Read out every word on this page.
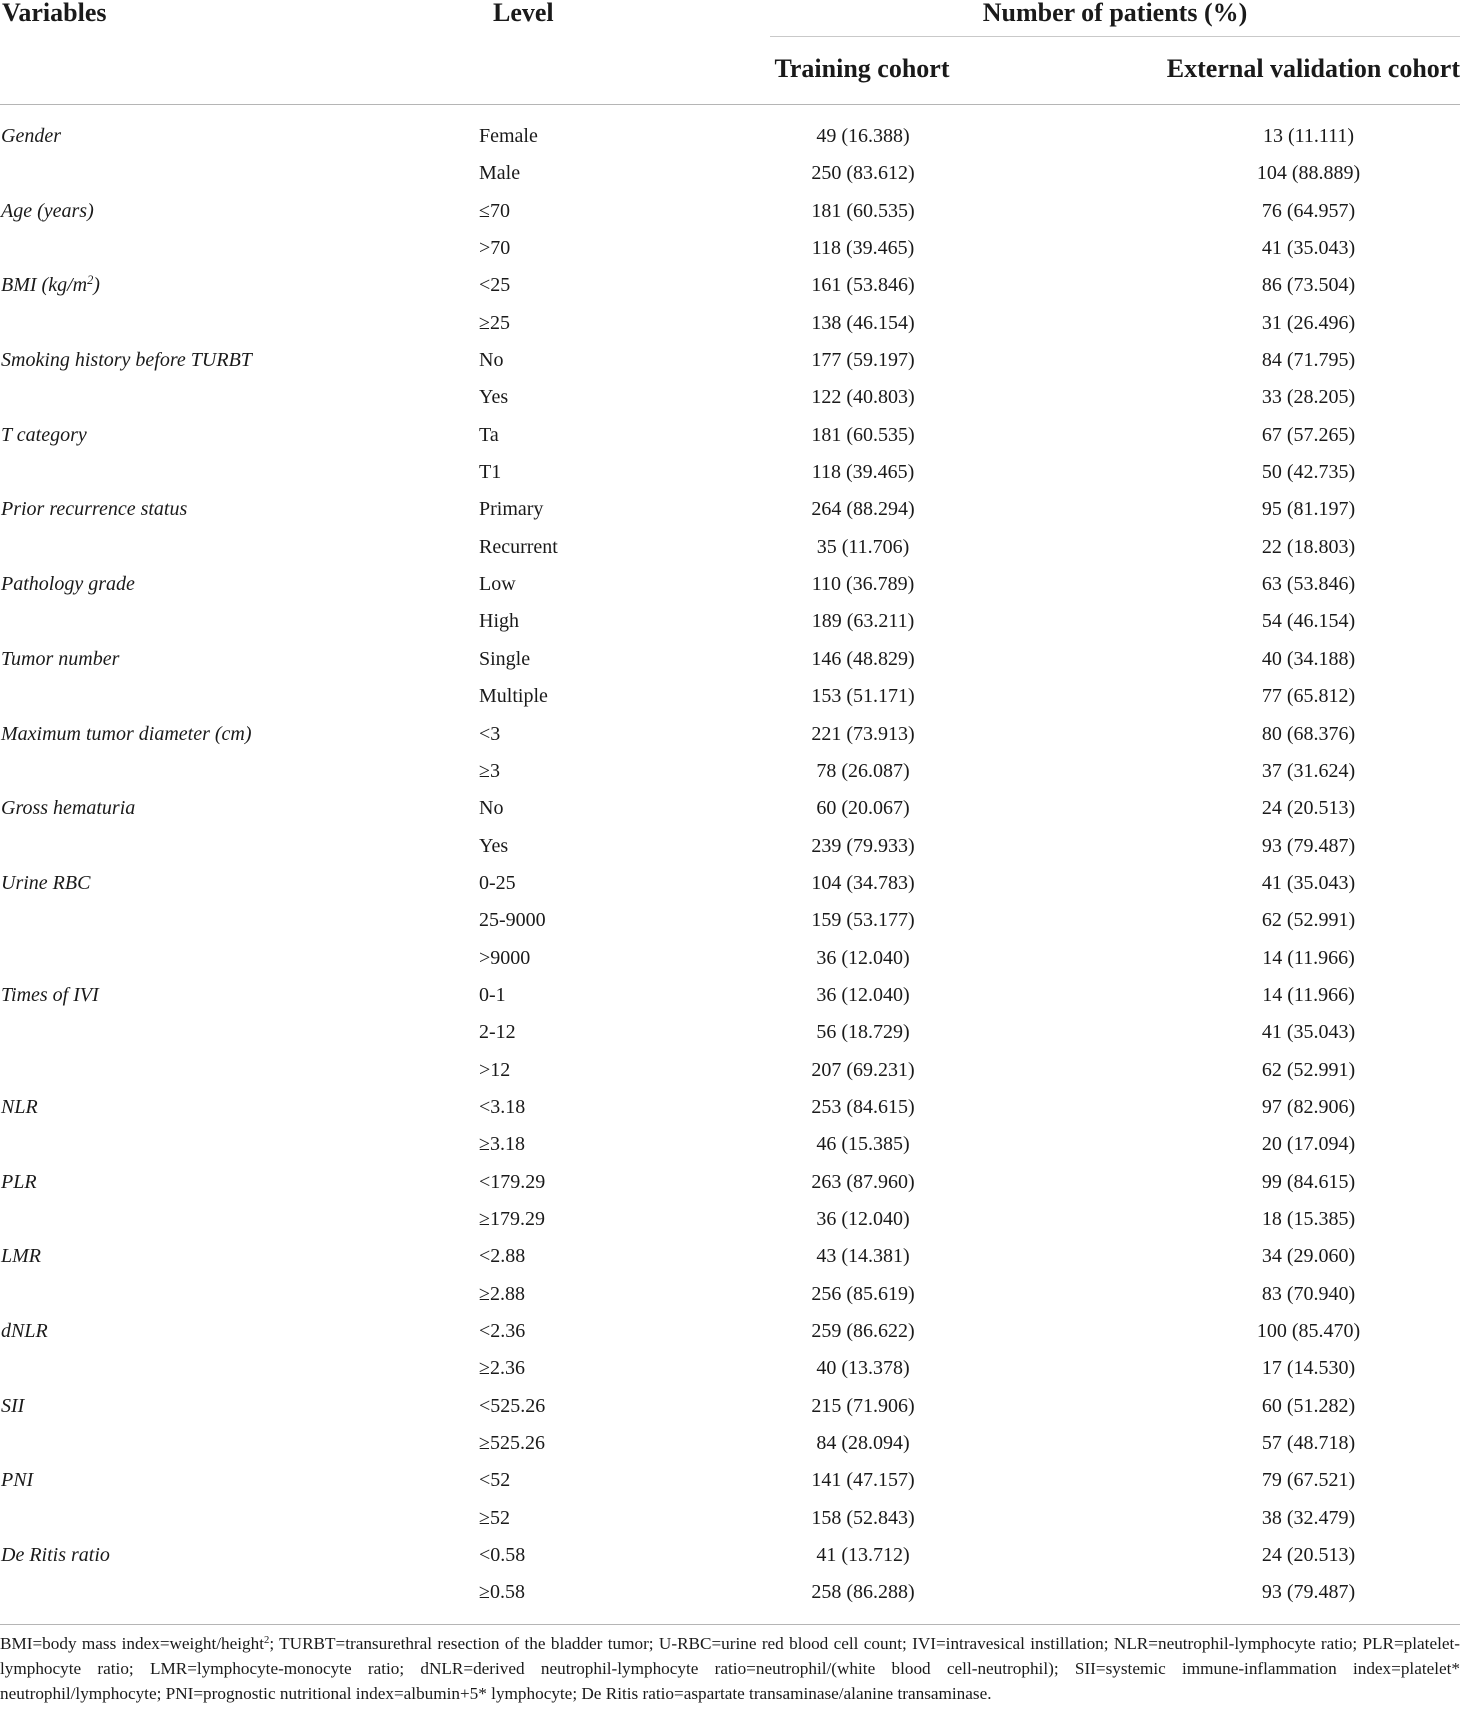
Variables	Level	Number of patients (%)
Training cohort	External validation cohort
Gender	Female	49 (16.388)	13 (11.111)
Male	250 (83.612)	104 (88.889)
Age (years)	≤70	181 (60.535)	76 (64.957)
>70	118 (39.465)	41 (35.043)
BMI $(kg/m^2)$	<25	161 (53.846)	86 (73.504)
≥25	138 (46.154)	31 (26.496)
Smoking history before TURBT	No	177 (59.197)	84 (71.795)
Yes	122 (40.803)	33 (28.205)
T category	Ta	181 (60.535)	67 (57.265)
T1	118 (39.465)	50 (42.735)
Prior recurrence status	Primary	264 (88.294)	95 (81.197)
Recurrent	35 (11.706)	22 (18.803)
Pathology grade	Low	110 (36.789)	63 (53.846)
High	189 (63.211)	54 (46.154)
Tumor number	Single	146 (48.829)	40 (34.188)
Multiple	153 (51.171)	77 (65.812)
Maximum tumor diameter (cm)	<3	221 (73.913)	80 (68.376)
≥3	78 (26.087)	37 (31.624)
Gross hematuria	No	60 (20.067)	24 (20.513)
Yes	239 (79.933)	93 (79.487)
Urine RBC	0-25	104 (34.783)	41 (35.043)
25-9000	159 (53.177)	62 (52.991)
>9000	36 (12.040)	14 (11.966)
Times of IVI	0-1	36 (12.040)	14 (11.966)
2-12	56 (18.729)	41 (35.043)
>12	207 (69.231)	62 (52.991)
NLR	<3.18	253 (84.615)	97 (82.906)
≥3.18	46 (15.385)	20 (17.094)
PLR	<179.29	263 (87.960)	99 (84.615)
≥179.29	36 (12.040)	18 (15.385)
LMR	<2.88	43 (14.381)	34 (29.060)
≥2.88	256 (85.619)	83 (70.940)
dNLR	<2.36	259 (86.622)	100 (85.470)
≥2.36	40 (13.378)	17 (14.530)
SII	<525.26	215 (71.906)	60 (51.282)
≥525.26	84 (28.094)	57 (48.718)
PNI	<52	141 (47.157)	79 (67.521)
≥52	158 (52.843)	38 (32.479)
De Ritis ratio	<0.58	41 (13.712)	24 (20.513)
≥0.58	258 (86.288)	93 (79.487)
BMI=body mass index=weight/height$^2$; TURBT=transurethral resection of the bladder tumor; U-RBC=urine red blood cell count; IVI=intravesical instillation; NLR=neutrophil-lymphocyte ratio; PLR=platelet-lymphocyte ratio; LMR=lymphocyte-monocyte ratio; dNLR=derived neutrophil-lymphocyte ratio=neutrophil/(white blood cell-neutrophil); SII=systemic immune-inflammation index=platelet* neutrophil/lymphocyte; PNI=prognostic nutritional index=albumin+5* lymphocyte; De Ritis ratio=aspartate transaminase/alanine transaminase.
